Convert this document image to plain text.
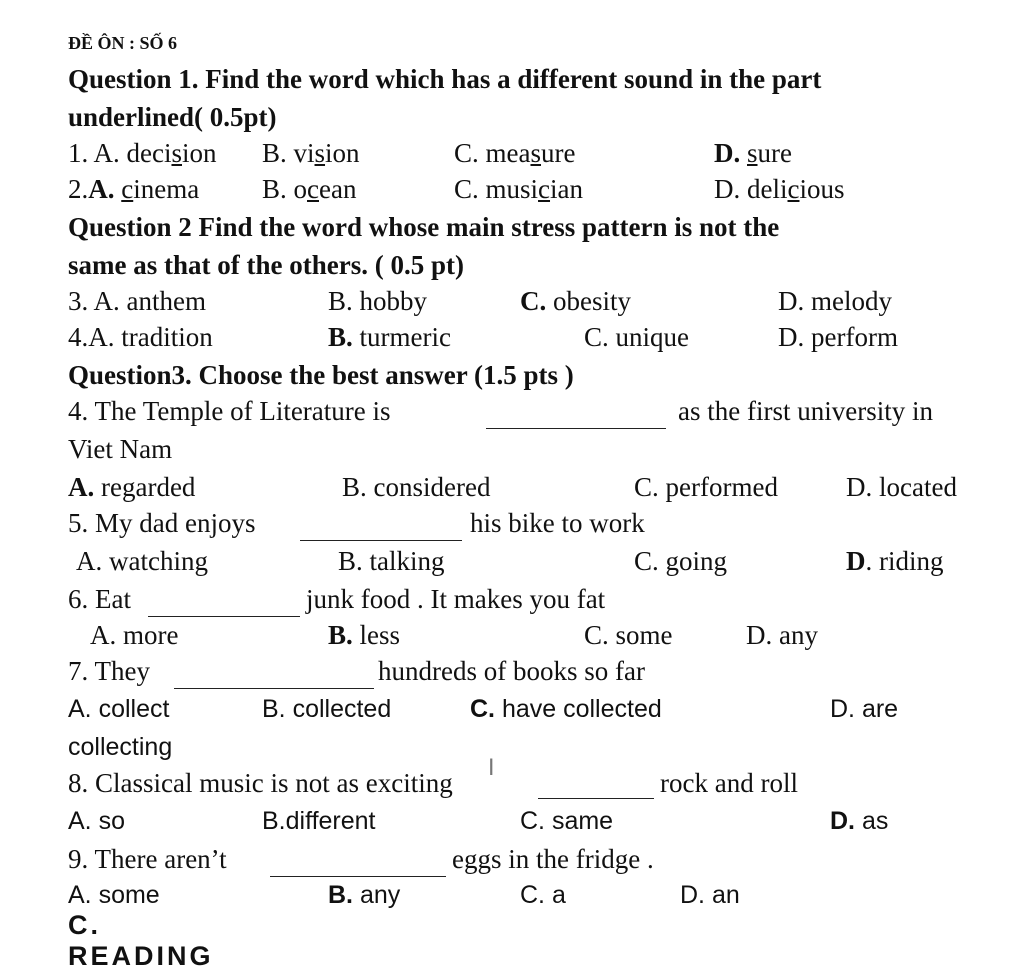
ĐỀ ÔN : SỐ 6
Question 1. Find the word which has a different sound in the part
underlined( 0.5pt)
1. A. decision B. vision	C. measure	D. sure
2.A. cinema B. ocean	C. musician	D. delicious
Question 2 Find the word whose main stress pattern is not the
same as that of the others. ( 0.5 pt)
3. A. anthem	B. hobby	C. obesity	D. melody
4.A. tradition	B. turmeric	C. unique	D. perform
Question3. Choose the best answer (1.5 pts )
4. The Temple of Literature is	as the first university in
Viet Nam
A. regarded	B. considered	C. performed	D. located
5. My dad enjoys	his bike to work
A. watching	B. talking	C. going	D. riding
6. Eat	junk food . It makes you fat
A. more	B. less	C. some	D. any
7. They	hundreds of books so far
A. collect	B. collected	C. have collected	D. are
collecting
I
8. Classical music is not as exciting	rock and roll
A. so	B.different	C. same	D. as
9. There aren’t	eggs in the fridge .
A. some	B. any	C. a	D. an
C. READING
